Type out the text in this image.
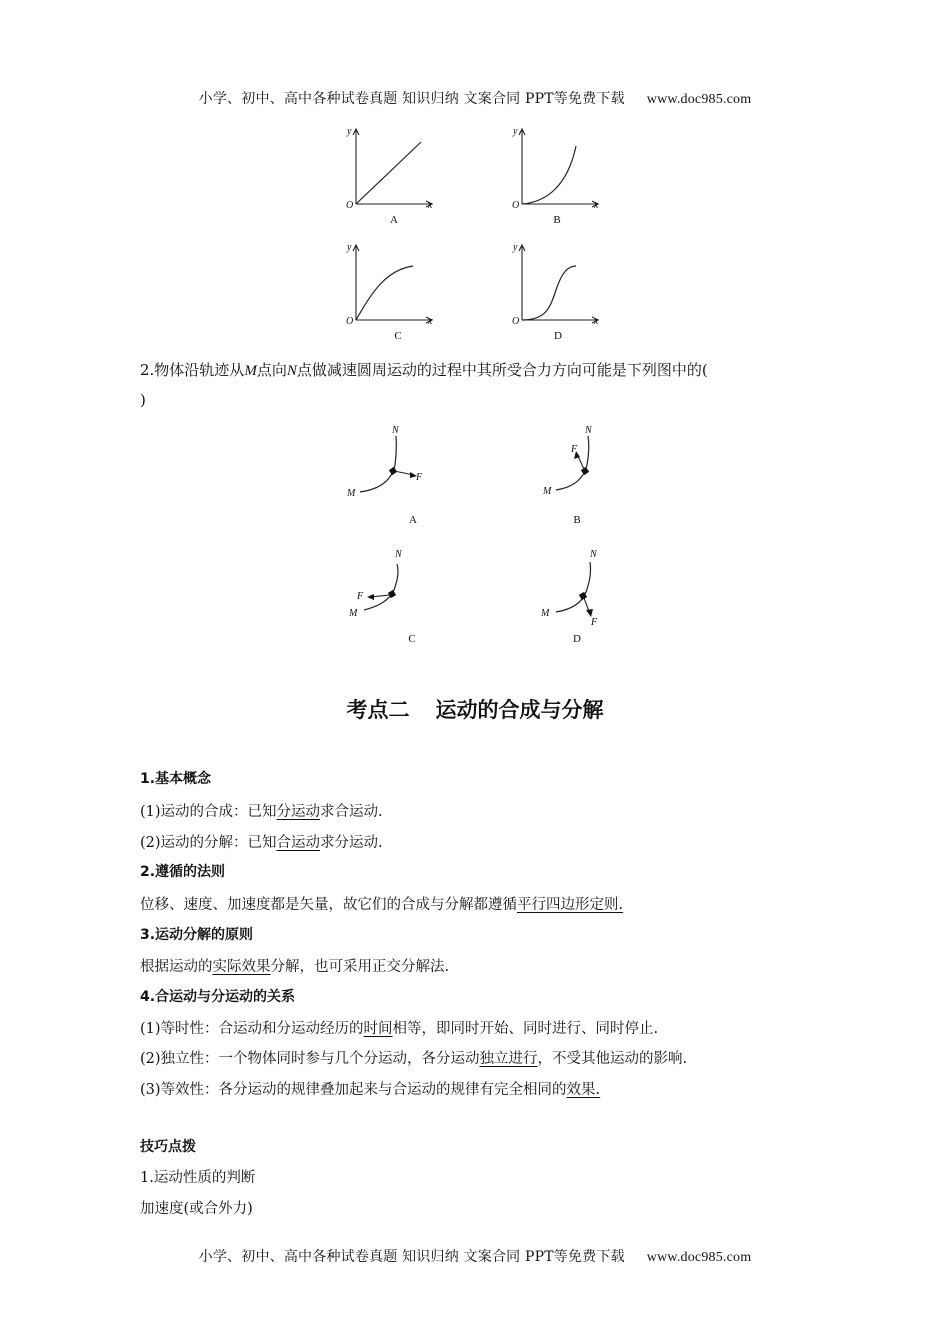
小学、初中、高中各种试卷真题 知识归纳 文案合同 PPT等免费下载 www.doc985.com
y
x
O
A
y
x
O
B
y
x
O
C
y
x
O
D
2.物体沿轨迹从M点向N点做减速圆周运动的过程中其所受合力方向可能是下列图中的(
)
F
M
N
A
F
M
N
B
F
M
N
C
F
M
N
D
考点二 运动的合成与分解
1.基本概念
(1)运动的合成：已知分运动求合运动.
(2)运动的分解：已知合运动求分运动.
2.遵循的法则
位移、速度、加速度都是矢量，故它们的合成与分解都遵循平行四边形定则.
3.运动分解的原则
根据运动的实际效果分解，也可采用正交分解法.
4.合运动与分运动的关系
(1)等时性：合运动和分运动经历的时间相等，即同时开始、同时进行、同时停止.
(2)独立性：一个物体同时参与几个分运动，各分运动独立进行，不受其他运动的影响.
(3)等效性：各分运动的规律叠加起来与合运动的规律有完全相同的效果.
技巧点拨
1.运动性质的判断
加速度(或合外力)
小学、初中、高中各种试卷真题 知识归纳 文案合同 PPT等免费下载 www.doc985.com
